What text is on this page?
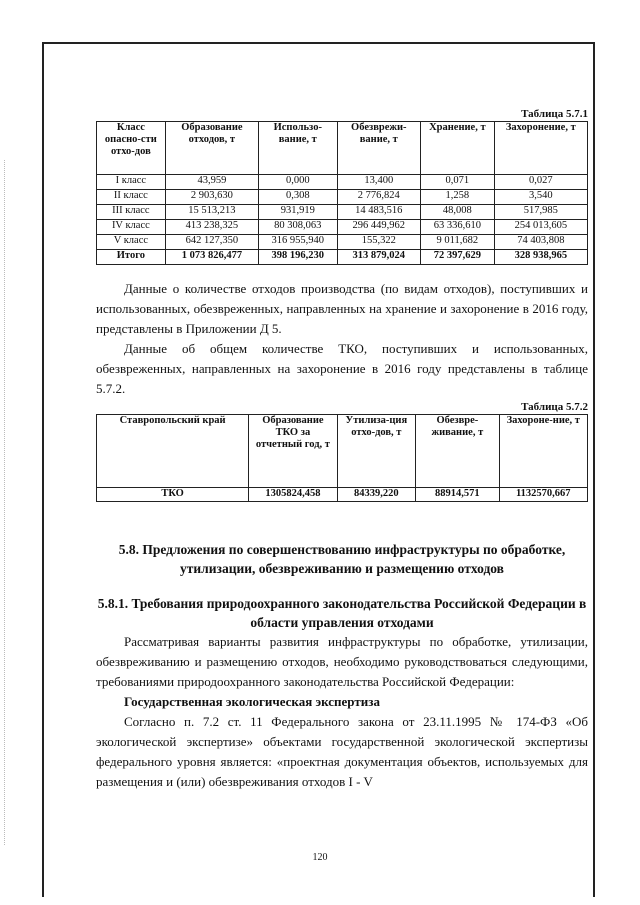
Таблица 5.7.1

Класс опасно-сти отхо-дов	Образование отходов, т	Использо-вание, т	Обезврежи-вание, т	Хранение, т	Захоронение, т
I класс	43,959	0,000	13,400	0,071	0,027
II класс	2 903,630	0,308	2 776,824	1,258	3,540
III класс	15 513,213	931,919	14 483,516	48,008	517,985
IV класс	413 238,325	80 308,063	296 449,962	63 336,610	254 013,605
V класс	642 127,350	316 955,940	155,322	9 011,682	74 403,808
Итого	1 073 826,477	398 196,230	313 879,024	72 397,629	328 938,965

Данные о количестве отходов производства (по видам отходов), поступивших и использованных, обезвреженных, направленных на хранение и захоронение в 2016 году, представлены в Приложении Д 5.

Данные об общем количестве ТКО, поступивших и использованных, обезвреженных, направленных на захоронение в 2016 году представлены в таблице 5.7.2.

Таблица 5.7.2

Ставропольский край	Образование ТКО за отчетный год, т	Утилиза-ция отхо-дов, т	Обезвре-живание, т	Захороне-ние, т
ТКО	1305824,458	84339,220	88914,571	1132570,667

5.8. Предложения по совершенствованию инфраструктуры по обработке, утилизации, обезвреживанию и размещению отходов

5.8.1. Требования природоохранного законодательства Российской Федерации в области управления отходами

Рассматривая варианты развития инфраструктуры по обработке, утилизации, обезвреживанию и размещению отходов, необходимо руководствоваться следующими, требованиями природоохранного законодательства Российской Федерации:

Государственная экологическая экспертиза

Согласно п. 7.2 ст. 11 Федерального закона от 23.11.1995 № 174-ФЗ «Об экологической экспертизе» объектами государственной экологической экспертизы федерального уровня является: «проектная документация объектов, используемых для размещения и (или) обезвреживания отходов I - V

120
